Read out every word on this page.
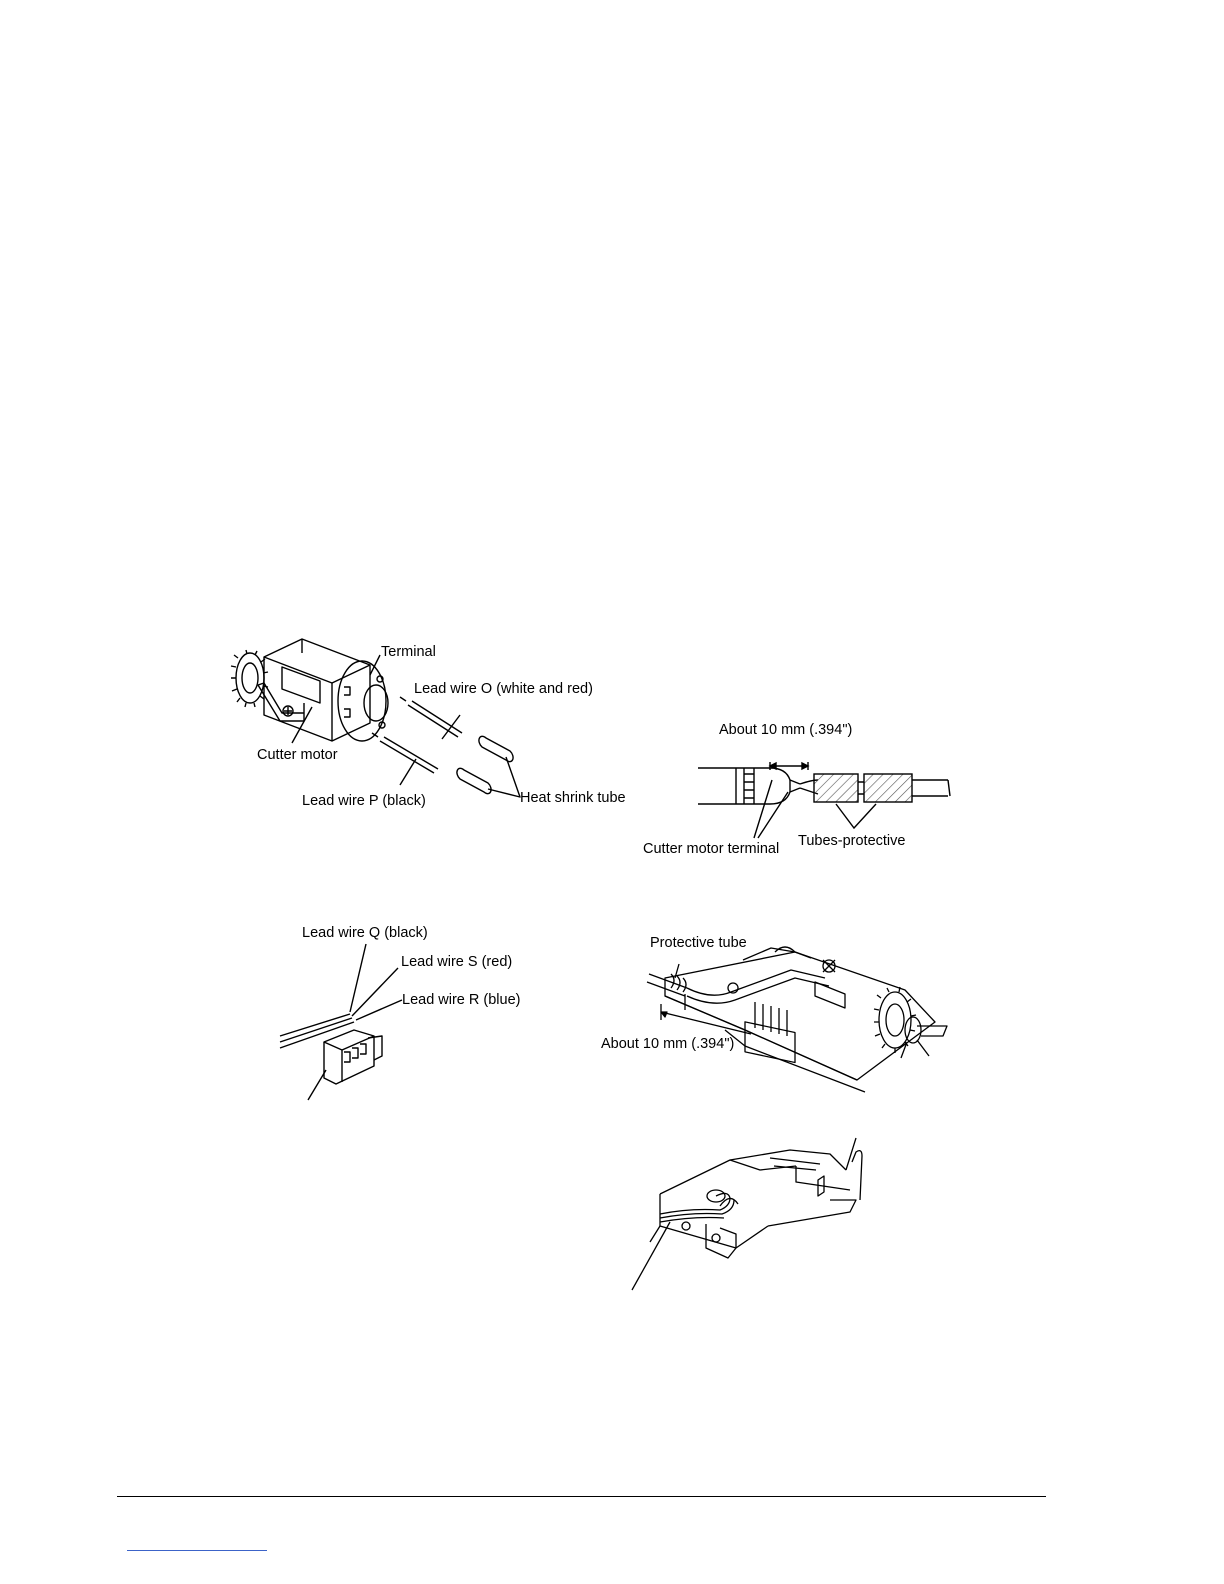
Terminal
Lead wire O (white and red)
Cutter motor
Lead wire P (black)	Heat shrink tube
About 10 mm (.394")
Cutter motor terminal Tubes-protective
Lead wire Q (black)
Lead wire S (red)
Lead wire R (blue)
Protective tube
About 10 mm (.394")
